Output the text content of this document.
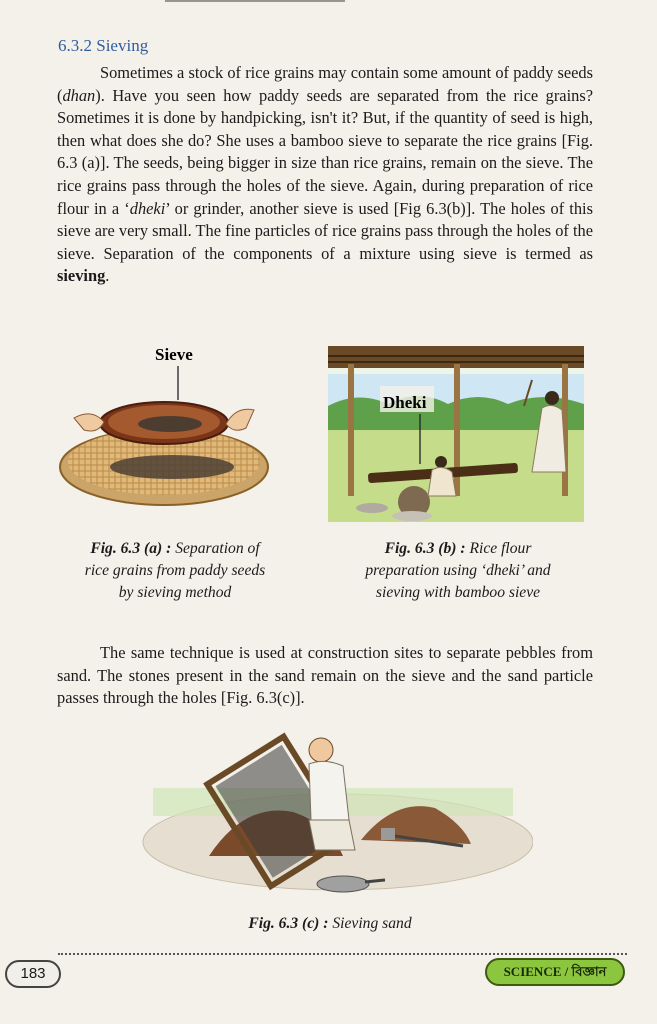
6.3.2 Sieving

Sometimes a stock of rice grains may contain some amount of paddy seeds (dhan). Have you seen how paddy seeds are separated from the rice grains? Sometimes it is done by handpicking, isn't it? But, if the quantity of seed is high, then what does she do? She uses a bamboo sieve to separate the rice grains [Fig. 6.3 (a)]. The seeds, being bigger in size than rice grains, remain on the sieve. The rice grains pass through the holes of the sieve. Again, during preparation of rice flour in a ‘dheki’ or grinder, another sieve is used [Fig 6.3(b)]. The holes of this sieve are very small. The fine particles of rice grains pass through the holes of the sieve. Separation of the components of a mixture using sieve is termed as sieving.

Sieve
Dheki
Fig. 6.3 (a) : Separation of
rice grains from paddy seeds
by sieving method
Fig. 6.3 (b) : Rice flour
preparation using ‘dheki’ and
sieving with bamboo sieve

The same technique is used at construction sites to separate pebbles from sand. The stones present in the sand remain on the sieve and the sand particle passes through the holes [Fig. 6.3(c)].

Fig. 6.3 (c) : Sieving sand
183	SCIENCE / বিজ্ঞান
